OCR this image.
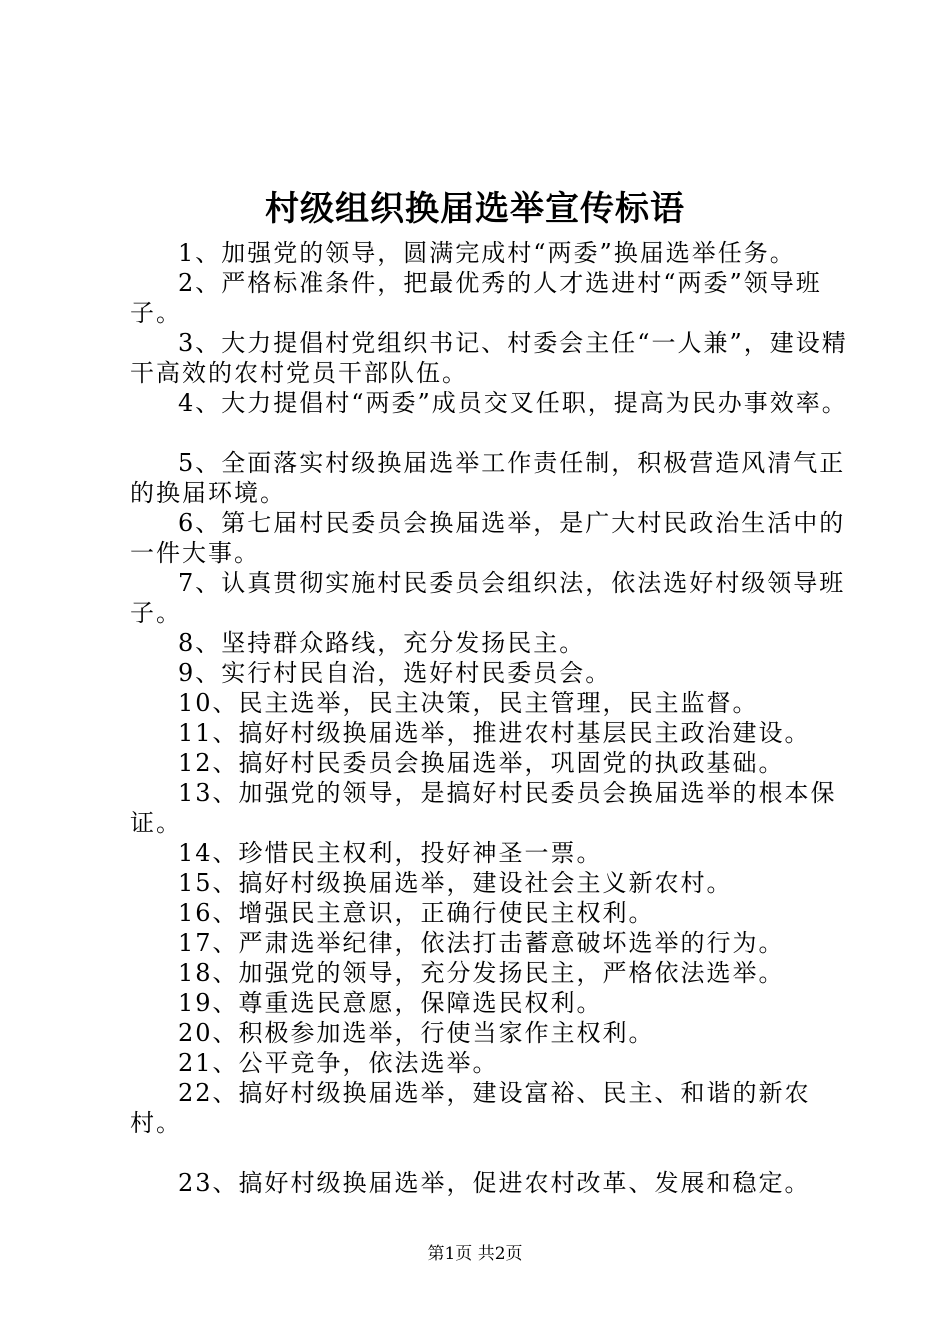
村级组织换届选举宣传标语
1、加强党的领导，圆满完成村“两委”换届选举任务。
2、严格标准条件，把最优秀的人才选进村“两委”领导班子。
3、大力提倡村党组织书记、村委会主任“一人兼”，建设精干高效的农村党员干部队伍。
4、大力提倡村“两委”成员交叉任职，提高为民办事效率。
5、全面落实村级换届选举工作责任制，积极营造风清气正的换届环境。
6、第七届村民委员会换届选举，是广大村民政治生活中的一件大事。
7、认真贯彻实施村民委员会组织法，依法选好村级领导班子。
8、坚持群众路线，充分发扬民主。
9、实行村民自治，选好村民委员会。
10、民主选举，民主决策，民主管理，民主监督。
11、搞好村级换届选举，推进农村基层民主政治建设。
12、搞好村民委员会换届选举，巩固党的执政基础。
13、加强党的领导，是搞好村民委员会换届选举的根本保证。
14、珍惜民主权利，投好神圣一票。
15、搞好村级换届选举，建设社会主义新农村。
16、增强民主意识，正确行使民主权利。
17、严肃选举纪律，依法打击蓄意破坏选举的行为。
18、加强党的领导，充分发扬民主，严格依法选举。
19、尊重选民意愿，保障选民权利。
20、积极参加选举，行使当家作主权利。
21、公平竞争，依法选举。
22、搞好村级换届选举，建设富裕、民主、和谐的新农村。
23、搞好村级换届选举，促进农村改革、发展和稳定。
第1页 共2页
